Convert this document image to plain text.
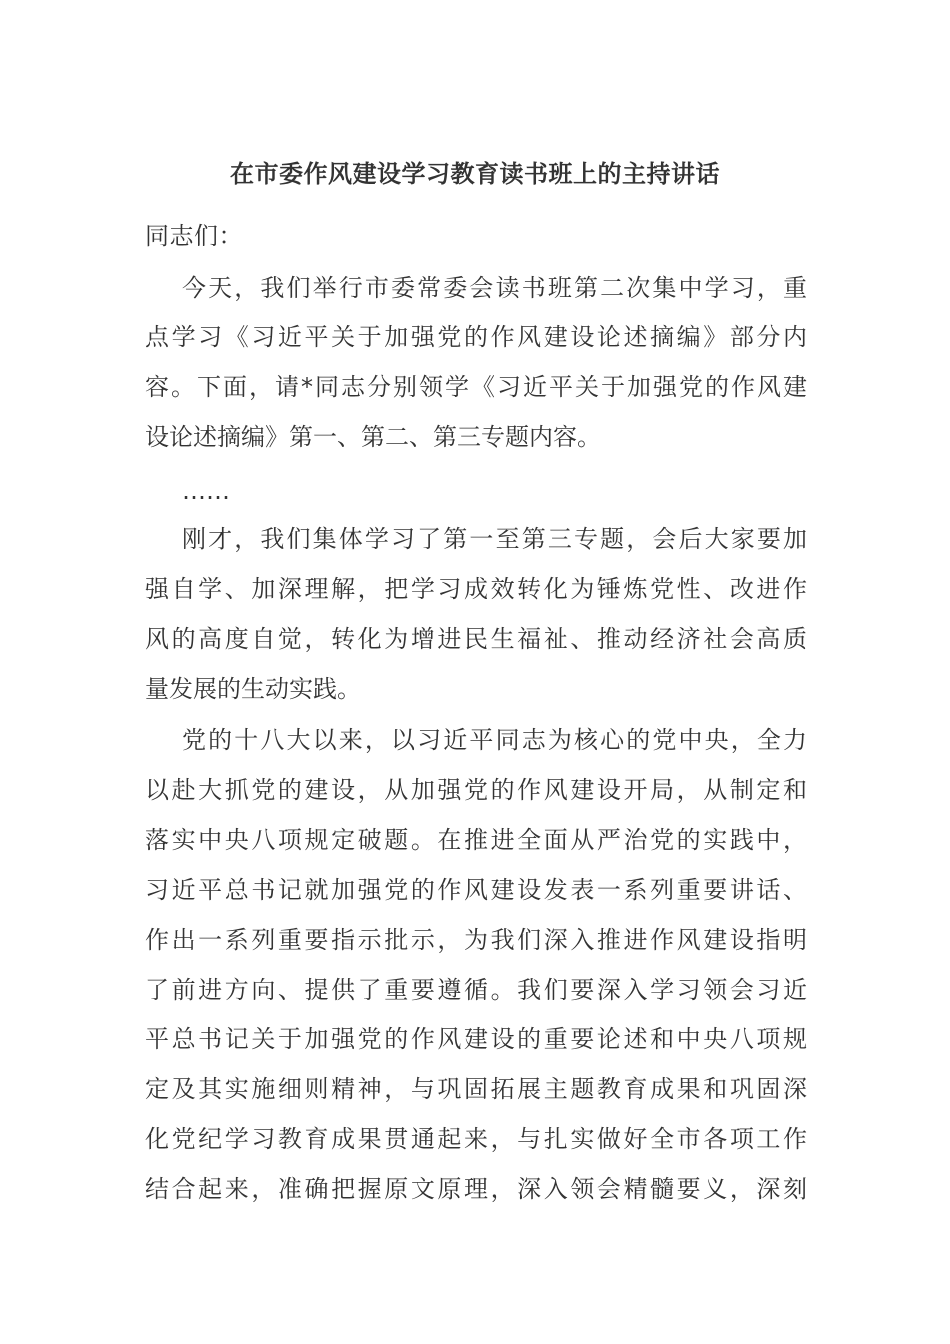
在市委作风建设学习教育读书班上的主持讲话
同志们：
今天，我们举行市委常委会读书班第二次集中学习，重
点学习《习近平关于加强党的作风建设论述摘编》部分内
容。下面，请*同志分别领学《习近平关于加强党的作风建
设论述摘编》第一、第二、第三专题内容。
……
刚才，我们集体学习了第一至第三专题，会后大家要加
强自学、加深理解，把学习成效转化为锤炼党性、改进作
风的高度自觉，转化为增进民生福祉、推动经济社会高质
量发展的生动实践。
党的十八大以来，以习近平同志为核心的党中央，全力
以赴大抓党的建设，从加强党的作风建设开局，从制定和
落实中央八项规定破题。在推进全面从严治党的实践中，
习近平总书记就加强党的作风建设发表一系列重要讲话、
作出一系列重要指示批示，为我们深入推进作风建设指明
了前进方向、提供了重要遵循。我们要深入学习领会习近
平总书记关于加强党的作风建设的重要论述和中央八项规
定及其实施细则精神，与巩固拓展主题教育成果和巩固深
化党纪学习教育成果贯通起来，与扎实做好全市各项工作
结合起来，准确把握原文原理，深入领会精髓要义，深刻
